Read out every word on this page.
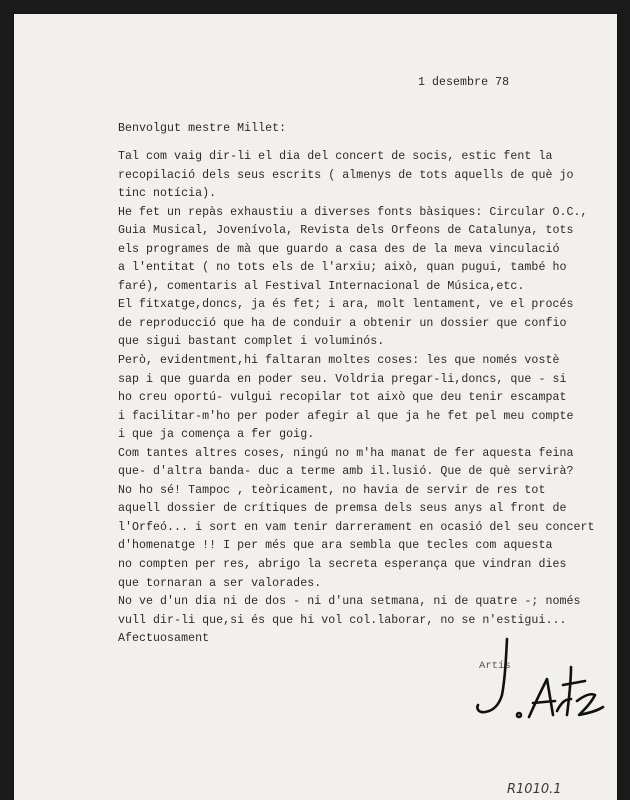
1 desembre 78
Benvolgut mestre Millet:
Tal com vaig dir-li el dia del concert de socis, estic fent la
recopilació dels seus escrits ( almenys de tots aquells de què jo
tinc notícia).
He fet un repàs exhaustiu a diverses fonts bàsiques: Circular O.C.,
Guia Musical, Jovenívola, Revista dels Orfeons de Catalunya, tots
els programes de mà que guardo a casa des de la meva vinculació
a l'entitat ( no tots els de l'arxiu; això, quan pugui, també ho
faré), comentaris al Festival Internacional de Música,etc.
El fitxatge,doncs, ja és fet; i ara, molt lentament, ve el procés
de reproducció que ha de conduir a obtenir un dossier que confio
que sigui bastant complet i voluminós.
Però, evidentment,hi faltaran moltes coses: les que només vostè
sap i que guarda en poder seu. Voldria pregar-li,doncs, que - si
ho creu oportú- vulgui recopilar tot això que deu tenir escampat
i facilitar-m'ho per poder afegir al que ja he fet pel meu compte
i que ja comença a fer goig.
Com tantes altres coses, ningú no m'ha manat de fer aquesta feina
que- d'altra banda- duc a terme amb il.lusió. Que de què servirà?
No ho sé! Tampoc , teòricament, no havia de servir de res tot
aquell dossier de crítiques de premsa dels seus anys al front de
l'Orfeó... i sort en vam tenir darrerament en ocasió del seu concert
d'homenatge !! I per més que ara sembla que tecles com aquesta
no compten per res, abrigo la secreta esperança que vindran dies
que tornaran a ser valorades.
No ve d'un dia ni de dos - ni d'una setmana, ni de quatre -; només
vull dir-li que,si és que hi vol col.laborar, no se n'estigui...
Afectuosament
Artís
R1010.1
